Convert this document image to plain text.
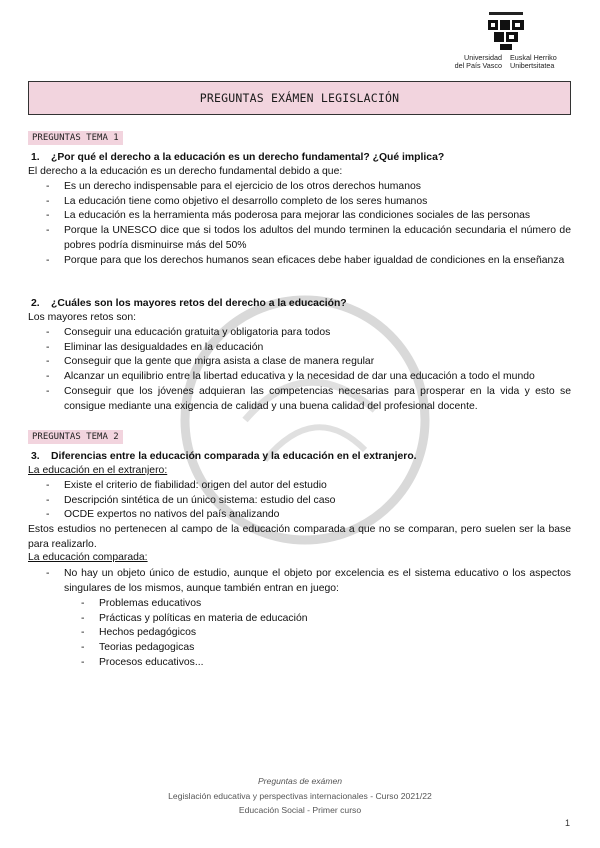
Universidad
del País Vasco
Euskal Herriko
Unibertsitatea
PREGUNTAS EXÁMEN LEGISLACIÓN
PREGUNTAS TEMA 1
1. ¿Por qué el derecho a la educación es un derecho fundamental? ¿Qué implica?
El derecho a la educación es un derecho fundamental debido a que:
- Es un derecho indispensable para el ejercicio de los otros derechos humanos
- La educación tiene como objetivo el desarrollo completo de los seres humanos
- La educación es la herramienta más poderosa para mejorar las condiciones sociales de las personas
- Porque la UNESCO dice que si todos los adultos del mundo terminen la educación secundaria el número de pobres podría disminuirse más del 50%
- Porque para que los derechos humanos sean eficaces debe haber igualdad de condiciones en la enseñanza
2. ¿Cuáles son los mayores retos del derecho a la educación?
Los mayores retos son:
- Conseguir una educación gratuita y obligatoria para todos
- Eliminar las desigualdades en la educación
- Conseguir que la gente que migra asista a clase de manera regular
- Alcanzar un equilibrio entre la libertad educativa y la necesidad de dar una educación a todo el mundo
- Conseguir que los jóvenes adquieran las competencias necesarias para prosperar en la vida y esto se consigue mediante una exigencia de calidad y una buena calidad del profesional docente.
PREGUNTAS TEMA 2
3. Diferencias entre la educación comparada y la educación en el extranjero.
La educación en el extranjero:
- Existe el criterio de fiabilidad: origen del autor del estudio
- Descripción sintética de un único sistema: estudio del caso
- OCDE expertos no nativos del país analizando
Estos estudios no pertenecen al campo de la educación comparada a que no se comparan, pero suelen ser la base para realizarlo.
La educación comparada:
- No hay un objeto único de estudio, aunque el objeto por excelencia es el sistema educativo o los aspectos singulares de los mismos, aunque también entran en juego:
- Problemas educativos
- Prácticas y políticas en materia de educación
- Hechos pedagógicos
- Teorias pedagogicas
- Procesos educativos...
Preguntas de exámen
Legislación educativa y perspectivas internacionales - Curso 2021/22
Educación Social - Primer curso
1
